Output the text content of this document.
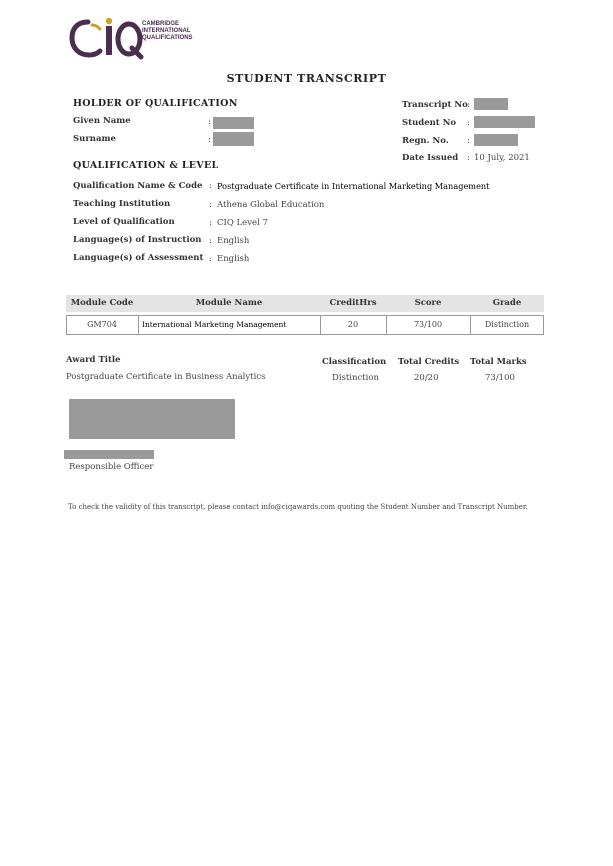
CAMBRIDGE
INTERNATIONAL
QUALIFICATIONS
STUDENT TRANSCRIPT
HOLDER OF QUALIFICATION
Given Name	:
Surname	:
Transcript No :
Student No :
Regn. No. :
Date Issued : 10 July, 2021
QUALIFICATION & LEVEL
Qualification Name & Code : Postgraduate Certificate in International Marketing Management
Teaching Institution	: Athena Global Education
Level of Qualification	: CIQ Level 7
Language(s) of Instruction : English
Language(s) of Assessment : English
Module Code	Module Name	CreditHrs	Score	Grade
GM704	International Marketing Management	20	73/100	Distinction
Award Title
Postgraduate Certificate in Business Analytics
Classification
Distinction
Total Credits
20/20
Total Marks
73/100
Responsible Officer
To check the validity of this transcript, please contact info@ciqawards.com quoting the Student Number and Transcript Number.
